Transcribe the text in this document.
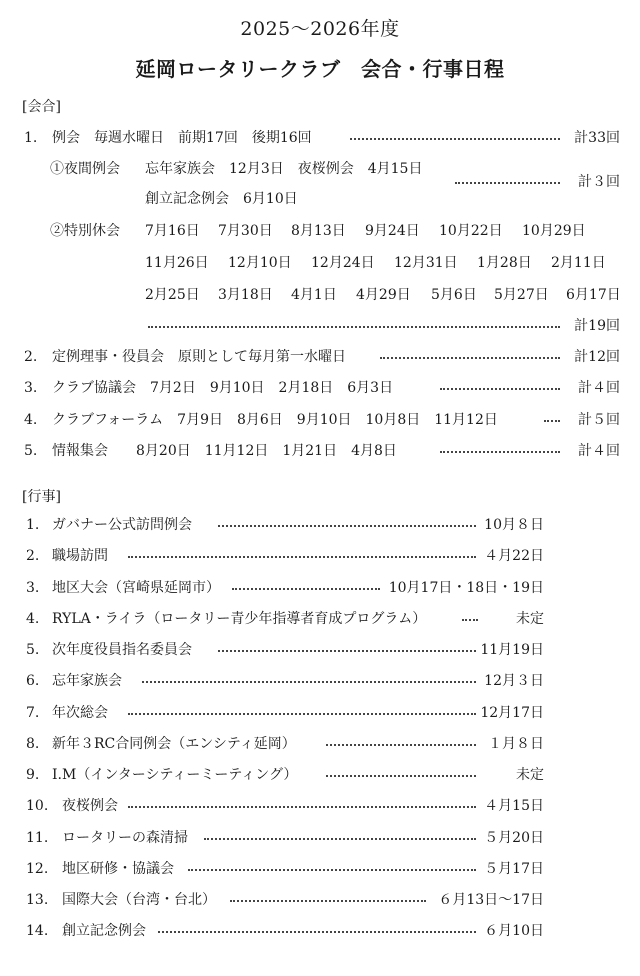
2025〜2026年度
延岡ロータリークラブ　会合・行事日程
[会合]
1. 例会　毎週水曜日　前期17回　後期16回	計33回
①夜間例会 忘年家族会　12月3日　夜桜例会　4月15日
計３回
創立記念例会　6月10日
②特別休会 7月16日 7月30日 8月13日 9月24日 10月22日 10月29日
11月26日 12月10日 12月24日 12月31日 1月28日 2月11日
2月25日 3月18日 4月1日 4月29日 5月6日 5月27日 6月17日
計19回
2. 定例理事・役員会　原則として毎月第一水曜日	計12回
3. クラブ協議会　7月2日　9月10日　2月18日　6月3日	計４回
4. クラブフォーラム　7月9日　8月6日　9月10日　10月8日　11月12日	計５回
5. 情報集会　　8月20日　11月12日　1月21日　4月8日	計４回
[行事]
1. ガバナー公式訪問例会	10月８日
2. 職場訪問	４月22日
3. 地区大会（宮崎県延岡市）	10月17日・18日・19日
4. RYLA・ライラ（ロータリー青少年指導者育成プログラム）	未定
5. 次年度役員指名委員会	11月19日
6. 忘年家族会	12月３日
7. 年次総会	12月17日
8. 新年３RC合同例会（エンシティ延岡）	１月８日
9. I.M（インターシティーミーティング）	未定
10. 夜桜例会	４月15日
11. ロータリーの森清掃	５月20日
12. 地区研修・協議会	５月17日
13. 国際大会（台湾・台北）	６月13日〜17日
14. 創立記念例会	６月10日
